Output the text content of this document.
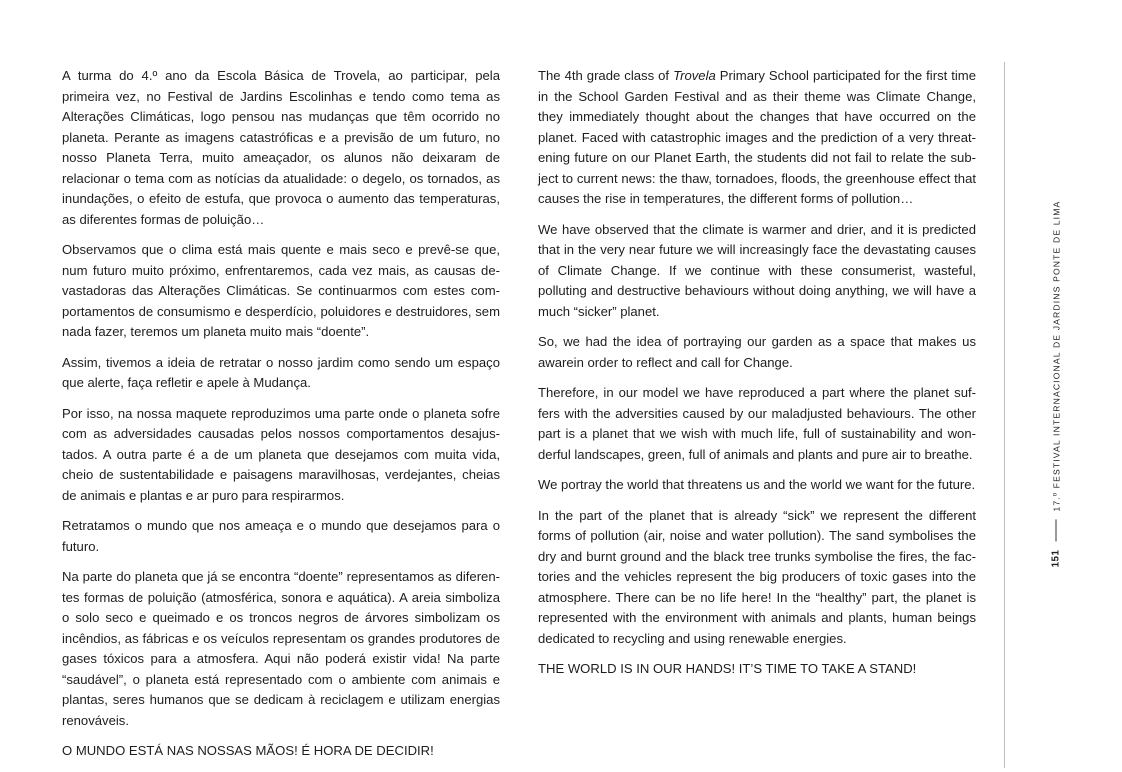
A turma do 4.º ano da Escola Básica de Trovela, ao participar, pela primeira vez, no Festival de Jardins Escolinhas e tendo como tema as Alterações Climáticas, logo pensou nas mudanças que têm ocorrido no planeta. Perante as imagens catastróficas e a previsão de um futuro, no nosso Planeta Terra, muito ameaçador, os alunos não deixaram de relacionar o tema com as notícias da atualidade: o degelo, os tornados, as inundações, o efeito de estufa, que provoca o aumento das temperaturas, as diferentes formas de poluição…

Observamos que o clima está mais quente e mais seco e prevê-se que, num futuro muito próximo, enfrentaremos, cada vez mais, as causas devastadoras das Alterações Climáticas. Se continuarmos com estes comportamentos de consumismo e desperdício, poluidores e destruidores, sem nada fazer, teremos um planeta muito mais “doente”.

Assim, tivemos a ideia de retratar o nosso jardim como sendo um espaço que alerte, faça refletir e apele à Mudança.

Por isso, na nossa maquete reproduzimos uma parte onde o planeta sofre com as adversidades causadas pelos nossos comportamentos desajustados. A outra parte é a de um planeta que desejamos com muita vida, cheio de sustentabilidade e paisagens maravilhosas, verdejantes, cheias de animais e plantas e ar puro para respirarmos.

Retratamos o mundo que nos ameaça e o mundo que desejamos para o futuro.

Na parte do planeta que já se encontra “doente” representamos as diferentes formas de poluição (atmosférica, sonora e aquática). A areia simboliza o solo seco e queimado e os troncos negros de árvores simbolizam os incêndios, as fábricas e os veículos representam os grandes produtores de gases tóxicos para a atmosfera. Aqui não poderá existir vida! Na parte “saudável”, o planeta está representado com o ambiente com animais e plantas, seres humanos que se dedicam à reciclagem e utilizam energias renováveis.

O MUNDO ESTÁ NAS NOSSAS MÃOS! É HORA DE DECIDIR!

The 4th grade class of Trovela Primary School participated for the first time in the School Garden Festival and as their theme was Climate Change, they immediately thought about the changes that have occurred on the planet. Faced with catastrophic images and the prediction of a very threatening future on our Planet Earth, the students did not fail to relate the subject to current news: the thaw, tornadoes, floods, the greenhouse effect that causes the rise in temperatures, the different forms of pollution…

We have observed that the climate is warmer and drier, and it is predicted that in the very near future we will increasingly face the devastating causes of Climate Change. If we continue with these consumerist, wasteful, polluting and destructive behaviours without doing anything, we will have a much “sicker” planet.

So, we had the idea of portraying our garden as a space that makes us awarein order to reflect and call for Change.

Therefore, in our model we have reproduced a part where the planet suffers with the adversities caused by our maladjusted behaviours. The other part is a planet that we wish with much life, full of sustainability and wonderful landscapes, green, full of animals and plants and pure air to breathe.

We portray the world that threatens us and the world we want for the future.

In the part of the planet that is already “sick” we represent the different forms of pollution (air, noise and water pollution). The sand symbolises the dry and burnt ground and the black tree trunks symbolise the fires, the factories and the vehicles represent the big producers of toxic gases into the atmosphere. There can be no life here! In the “healthy” part, the planet is represented with the environment with animals and plants, human beings dedicated to recycling and using renewable energies.

THE WORLD IS IN OUR HANDS! IT’S TIME TO TAKE A STAND!

151
17.º FESTIVAL INTERNACIONAL DE JARDINS PONTE DE LIMA
